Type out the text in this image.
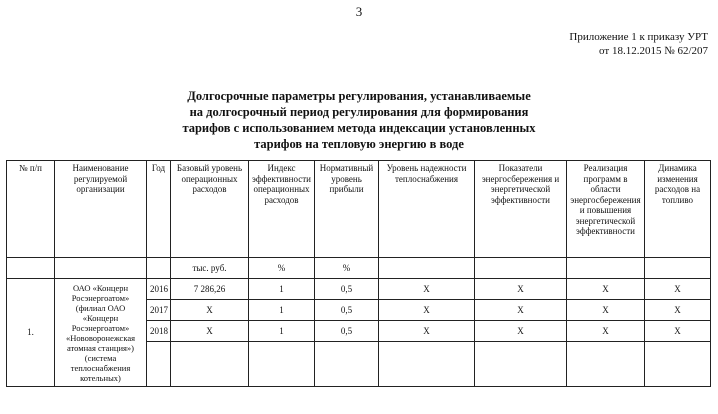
3
Приложение 1 к приказу УРТ
от 18.12.2015 № 62/207
Долгосрочные параметры регулирования, устанавливаемые
на долгосрочный период регулирования для формирования
тарифов с использованием метода индексации установленных
тарифов на тепловую энергию в воде
№ п/п	Наименование регулируемой организации	Год	Базовый уровень операционных расходов	Индекс эффективности операционных расходов	Нормативный уровень прибыли	Уровень надежности теплоснабжения	Показатели энергосбережения и энергетической эффективности	Реализация программ в области энергосбережения и повышения энергетической эффективности	Динамика изменения расходов на топливо
			тыс. руб.	%	%				
1.	ОАО «Концерн Росэнергоатом» (филиал ОАО «Концерн Росэнергоатом» «Нововоронежская атомная станция») (система теплоснабжения котельных)	2016	7 286,26	1	0,5	X	X	X	X
		2017	X	1	0,5	X	X	X	X
		2018	X	1	0,5	X	X	X	X
